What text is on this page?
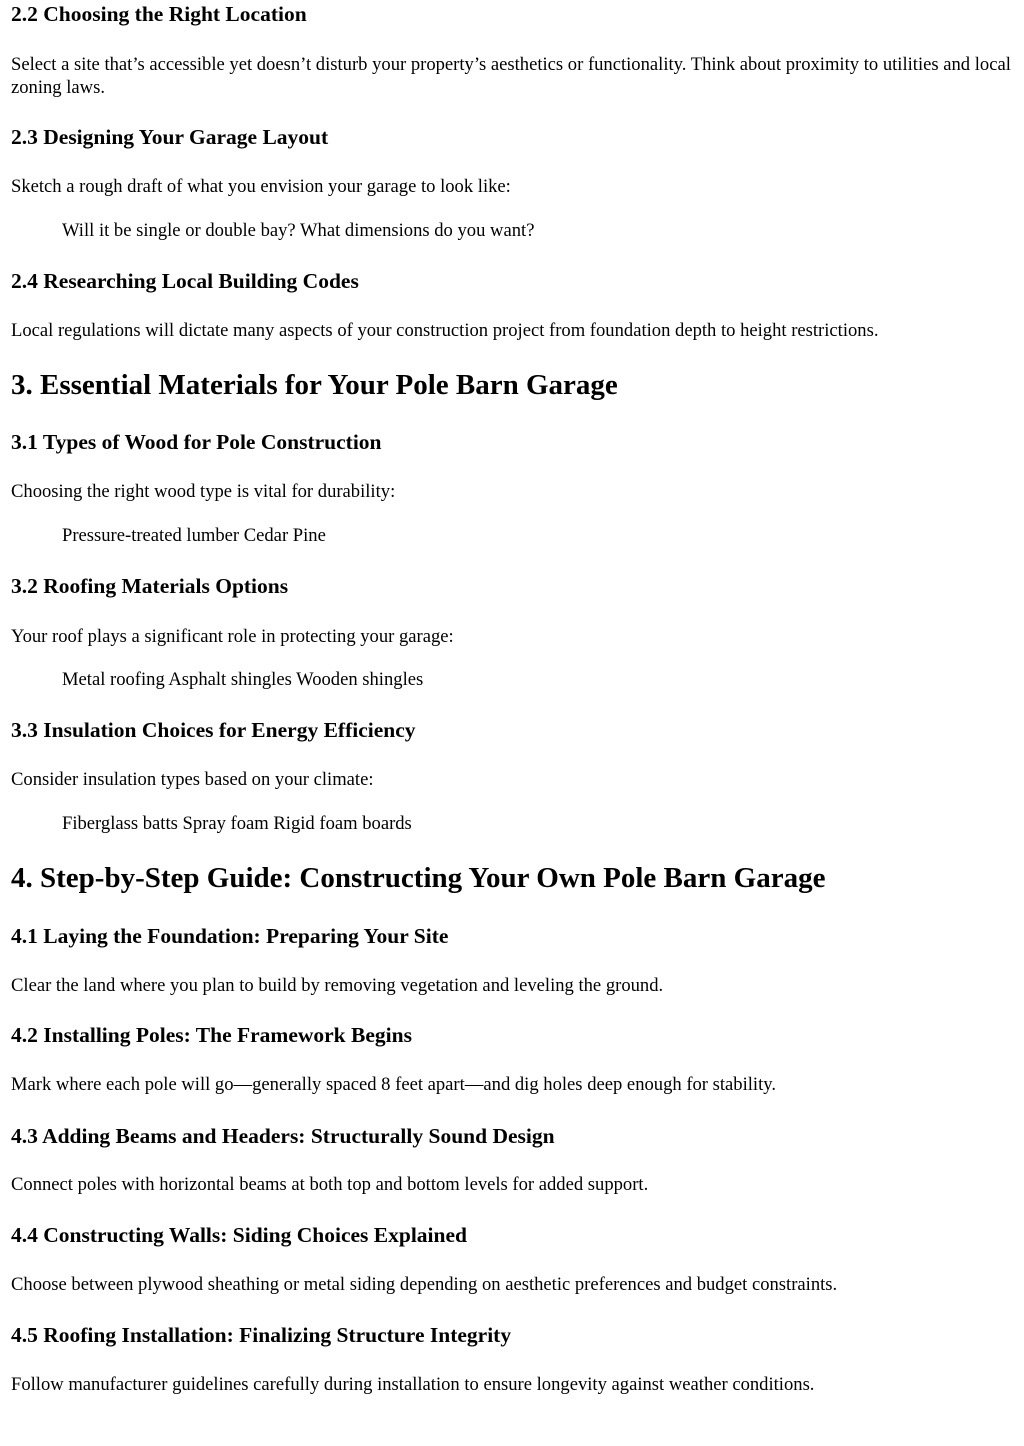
2.2 Choosing the Right Location

Select a site that’s accessible yet doesn’t disturb your property’s aesthetics or functionality. Think about proximity to utilities and local zoning laws.

2.3 Designing Your Garage Layout

Sketch a rough draft of what you envision your garage to look like:

Will it be single or double bay? What dimensions do you want?

2.4 Researching Local Building Codes

Local regulations will dictate many aspects of your construction project from foundation depth to height restrictions.

3. Essential Materials for Your Pole Barn Garage
3.1 Types of Wood for Pole Construction

Choosing the right wood type is vital for durability:

Pressure-treated lumber Cedar Pine

3.2 Roofing Materials Options

Your roof plays a significant role in protecting your garage:

Metal roofing Asphalt shingles Wooden shingles

3.3 Insulation Choices for Energy Efficiency

Consider insulation types based on your climate:

Fiberglass batts Spray foam Rigid foam boards

4. Step-by-Step Guide: Constructing Your Own Pole Barn Garage
4.1 Laying the Foundation: Preparing Your Site

Clear the land where you plan to build by removing vegetation and leveling the ground.

4.2 Installing Poles: The Framework Begins

Mark where each pole will go—generally spaced 8 feet apart—and dig holes deep enough for stability.

4.3 Adding Beams and Headers: Structurally Sound Design

Connect poles with horizontal beams at both top and bottom levels for added support.

4.4 Constructing Walls: Siding Choices Explained

Choose between plywood sheathing or metal siding depending on aesthetic preferences and budget constraints.

4.5 Roofing Installation: Finalizing Structure Integrity

Follow manufacturer guidelines carefully during installation to ensure longevity against weather conditions.
